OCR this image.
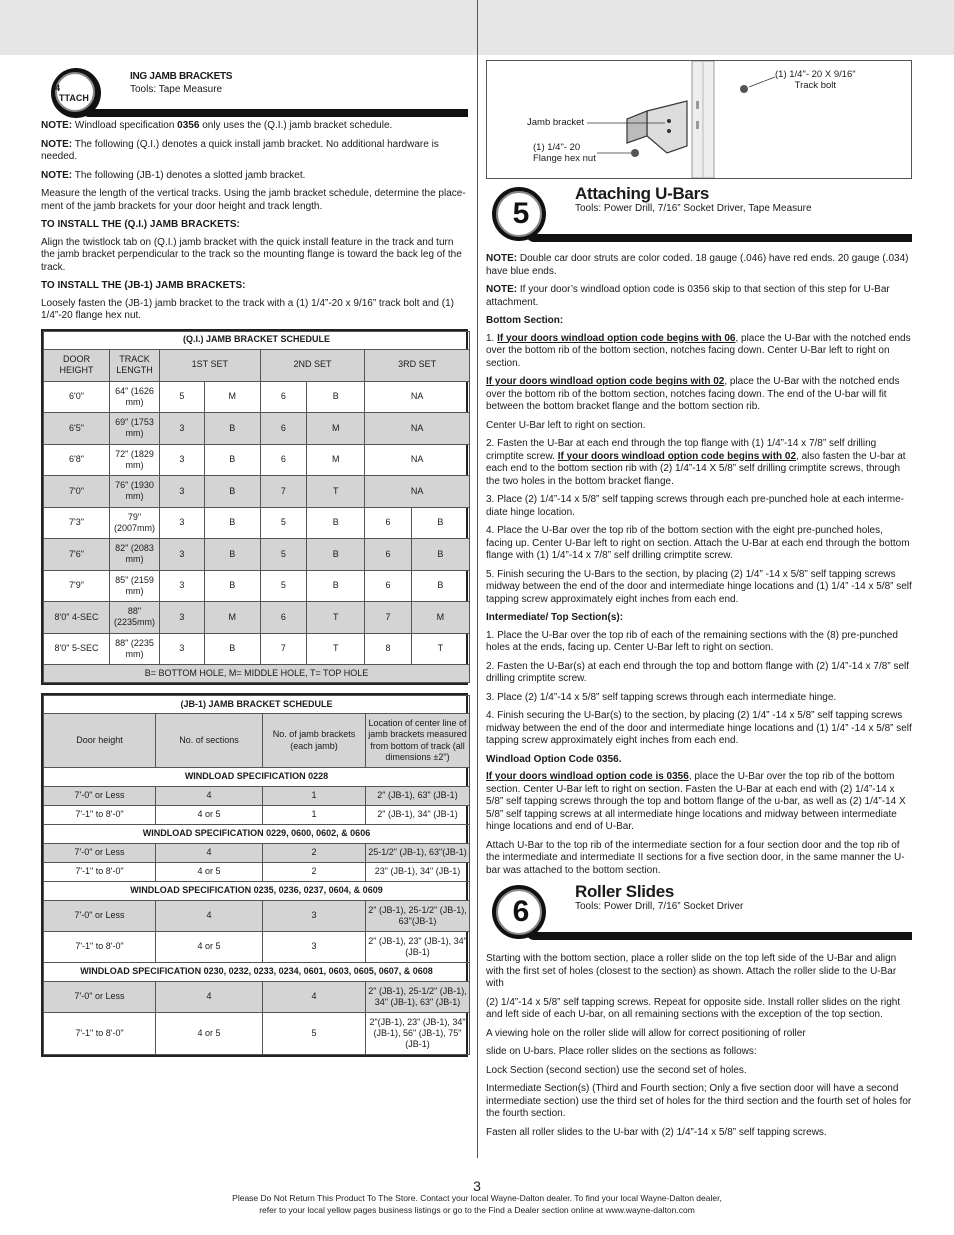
4
TTACH
ING JAMB BRACKETS
Tools: Tape Measure

NOTE: Windload specification 0356 only uses the (Q.I.) jamb bracket schedule.

NOTE: The following (Q.I.) denotes a quick install jamb bracket. No additional hardware is needed.

NOTE: The following (JB-1) denotes a slotted jamb bracket.

Measure the length of the vertical tracks. Using the jamb bracket schedule, determine the place-ment of the jamb brackets for your door height and track length.

TO INSTALL THE (Q.I.) JAMB BRACKETS:

Align the twistlock tab on (Q.I.) jamb bracket with the quick install feature in the track and turn the jamb bracket perpendicular to the track so the mounting flange is toward the back leg of the track.

TO INSTALL THE (JB-1) JAMB BRACKETS:

Loosely fasten the (JB-1) jamb bracket to the track with a (1) 1/4”-20 x 9/16” track bolt and (1) 1/4”-20 flange hex nut.

(Q.I.) JAMB BRACKET SCHEDULE							
DOOR HEIGHT	TRACK LENGTH	1ST SET		2ND SET		3RD SET	
6'0"	64" (1626 mm)	5	M	6	B	NA	
6'5"	69" (1753 mm)	3	B	6	M	NA	
6'8"	72" (1829 mm)	3	B	6	M	NA	
7'0"	76" (1930 mm)	3	B	7	T	NA	
7'3"	79" (2007mm)	3	B	5	B	6	B
7'6"	82" (2083 mm)	3	B	5	B	6	B
7'9"	85" (2159 mm)	3	B	5	B	6	B
8'0" 4-SEC	88" (2235mm)	3	M	6	T	7	M
8'0" 5-SEC	88" (2235 mm)	3	B	7	T	8	T
B= BOTTOM HOLE, M= MIDDLE HOLE, T= TOP HOLE							
(JB-1) JAMB BRACKET SCHEDULE			
Door height	No. of sections	No. of jamb brackets (each jamb)	Location of center line of jamb brackets measured from bottom of track (all dimensions ±2")
WINDLOAD SPECIFICATION 0228			
7'-0" or Less	4	1	2" (JB-1), 63" (JB-1)
7'-1" to 8'-0"	4 or 5	1	2" (JB-1), 34" (JB-1)
WINDLOAD SPECIFICATION 0229, 0600, 0602, & 0606			
7'-0" or Less	4	2	25-1/2" (JB-1), 63"(JB-1)
7'-1" to 8'-0"	4 or 5	2	23" (JB-1), 34" (JB-1)
WINDLOAD SPECIFICATION 0235, 0236, 0237, 0604, & 0609			
7'-0" or Less	4	3	2" (JB-1), 25-1/2" (JB-1), 63"(JB-1)
7'-1" to 8'-0"	4 or 5	3	2" (JB-1), 23" (JB-1), 34" (JB-1)
WINDLOAD SPECIFICATION 0230, 0232, 0233, 0234, 0601, 0603, 0605, 0607, & 0608			
7'-0" or Less	4	4	2" (JB-1), 25-1/2" (JB-1), 34" (JB-1), 63" (JB-1)
7'-1" to 8'-0"	4 or 5	5	2"(JB-1), 23" (JB-1), 34" (JB-1), 56" (JB-1), 75" (JB-1)
(1) 1/4"- 20 X 9/16"
Track bolt
Jamb bracket
(1) 1/4"- 20
Flange hex nut
5
Attaching U-Bars
Tools: Power Drill, 7/16” Socket Driver, Tape Measure

NOTE: Double car door struts are color coded. 18 gauge (.046) have red ends. 20 gauge (.034) have blue ends.

NOTE: If your door’s windload option code is 0356 skip to that section of this step for U-Bar attachment.

Bottom Section:

1. If your doors windload option code begins with 06, place the U-Bar with the notched ends over the bottom rib of the bottom section, notches facing down. Center U-Bar left to right on section.

If your doors windload option code begins with 02, place the U-Bar with the notched ends over the bottom rib of the bottom section, notches facing down. The end of the U-bar will fit between the bottom bracket flange and the bottom section rib.

Center U-Bar left to right on section.

2. Fasten the U-Bar at each end through the top flange with (1) 1/4”-14 x 7/8” self drilling crimptite screw. If your doors windload option code begins with 02, also fasten the U-bar at each end to the bottom section rib with (2) 1/4”-14 X 5/8” self drilling crimptite screws, through the two holes in the bottom bracket flange.

3. Place (2) 1/4”-14 x 5/8” self tapping screws through each pre-punched hole at each interme-diate hinge location.

4. Place the U-Bar over the top rib of the bottom section with the eight pre-punched holes, facing up. Center U-Bar left to right on section. Attach the U-Bar at each end through the bottom flange with (1) 1/4”-14 x 7/8” self drilling crimptite screw.

5. Finish securing the U-Bars to the section, by placing (2) 1/4” -14 x 5/8” self tapping screws midway between the end of the door and intermediate hinge locations and (1) 1/4” -14 x 5/8” self tapping screw approximately eight inches from each end.

Intermediate/ Top Section(s):

1. Place the U-Bar over the top rib of each of the remaining sections with the (8) pre-punched holes at the ends, facing up. Center U-Bar left to right on section.

2. Fasten the U-Bar(s) at each end through the top and bottom flange with (2) 1/4”-14 x 7/8” self drilling crimptite screw.

3. Place (2) 1/4”-14 x 5/8” self tapping screws through each intermediate hinge.

4. Finish securing the U-Bar(s) to the section, by placing (2) 1/4” -14 x 5/8” self tapping screws midway between the end of the door and intermediate hinge locations and (1) 1/4” -14 x 5/8” self tapping screw approximately eight inches from each end.

Windload Option Code 0356.

If your doors windload option code is 0356, place the U-Bar over the top rib of the bottom section. Center U-Bar left to right on section. Fasten the U-Bar at each end with (2) 1/4”-14 x 5/8” self tapping screws through the top and bottom flange of the u-bar, as well as (2) 1/4”-14 X 5/8” self tapping screws at all intermediate hinge locations and midway between intermediate hinge locations and end of U-Bar.

Attach U-Bar to the top rib of the intermediate section for a four section door and the top rib of the intermediate and intermediate II sections for a five section door, in the same manner the U-bar was attached to the bottom section.

6
Roller Slides
Tools: Power Drill, 7/16” Socket Driver

Starting with the bottom section, place a roller slide on the top left side of the U-Bar and align with the first set of holes (closest to the section) as shown. Attach the roller slide to the U-Bar with

(2) 1/4”-14 x 5/8” self tapping screws. Repeat for opposite side. Install roller slides on the right and left side of each U-bar, on all remaining sections with the exception of the top section.

A viewing hole on the roller slide will allow for correct positioning of roller

slide on U-bars. Place roller slides on the sections as follows:

Lock Section (second section) use the second set of holes.

Intermediate Section(s) (Third and Fourth section; Only a five section door will have a second intermediate section) use the third set of holes for the third section and the fourth set of holes for the fourth section.

Fasten all roller slides to the U-bar with (2) 1/4”-14 x 5/8” self tapping screws.

3
Please Do Not Return This Product To The Store. Contact your local Wayne-Dalton dealer. To find your local Wayne-Dalton dealer,
refer to your local yellow pages business listings or go to the Find a Dealer section online at www.wayne-dalton.com
